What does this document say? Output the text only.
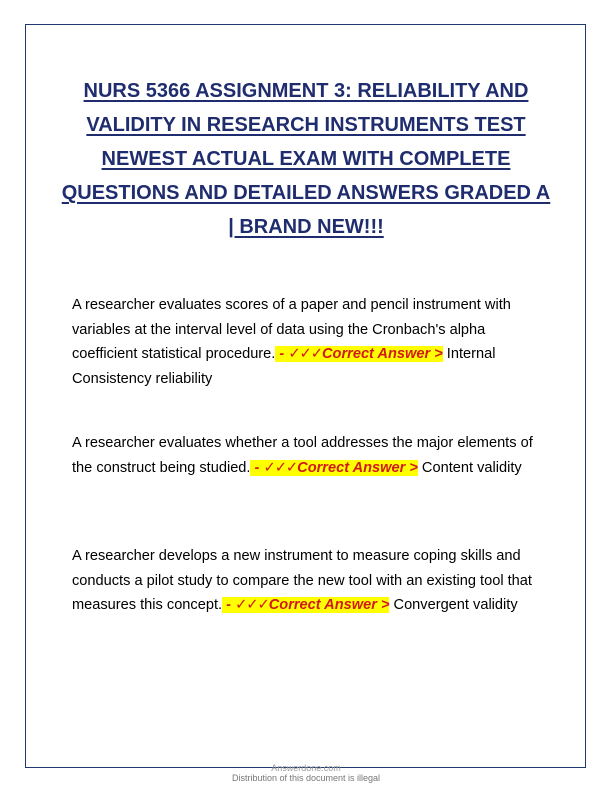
NURS 5366 ASSIGNMENT 3: RELIABILITY AND VALIDITY IN RESEARCH INSTRUMENTS TEST NEWEST ACTUAL EXAM WITH COMPLETE QUESTIONS AND DETAILED ANSWERS GRADED A | BRAND NEW!!!

A researcher evaluates scores of a paper and pencil instrument with variables at the interval level of data using the Cronbach's alpha coefficient statistical procedure. - ✓✓✓Correct Answer > Internal Consistency reliability

A researcher evaluates whether a tool addresses the major elements of the construct being studied. - ✓✓✓Correct Answer > Content validity

A researcher develops a new instrument to measure coping skills and conducts a pilot study to compare the new tool with an existing tool that measures this concept. - ✓✓✓Correct Answer > Convergent validity

Answerdone.com
Distribution of this document is illegal
